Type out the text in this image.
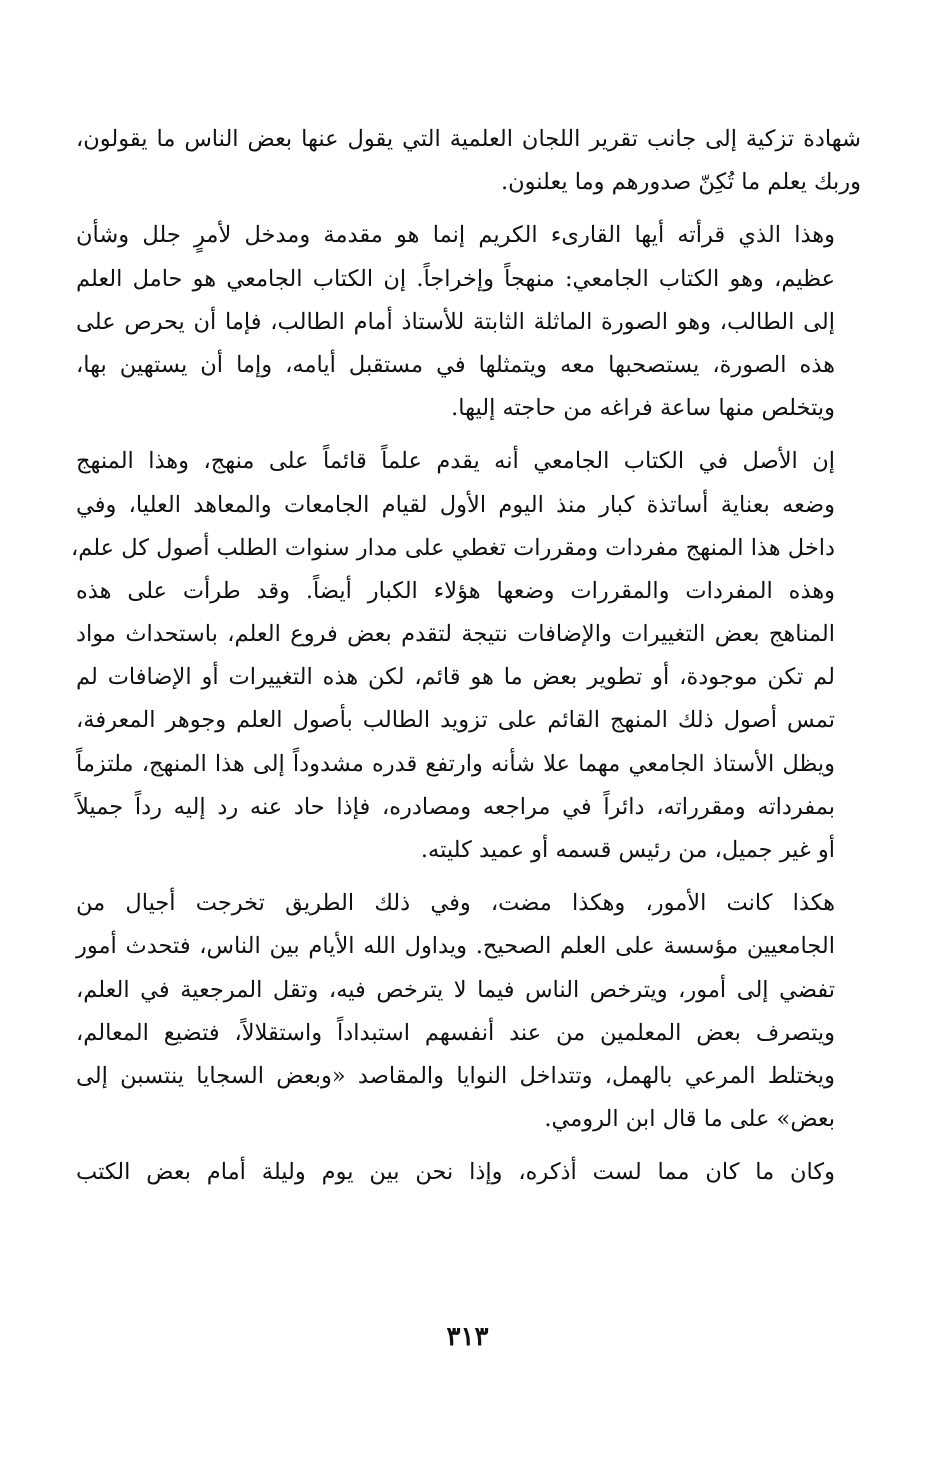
شهادة تزكية إلى جانب تقرير اللجان العلمية التي يقول عنها بعض الناس ما يقولون،
وربك يعلم ما تُكِنّ صدورهم وما يعلنون.

وهذا الذي قرأته أيها القارىء الكريم إنما هو مقدمة ومدخل لأمرٍ جلل وشأن
عظيم، وهو الكتاب الجامعي: منهجاً وإخراجاً. إن الكتاب الجامعي هو حامل العلم
إلى الطالب، وهو الصورة الماثلة الثابتة للأستاذ أمام الطالب، فإما أن يحرص على
هذه الصورة، يستصحبها معه ويتمثلها في مستقبل أيامه، وإما أن يستهين بها،
ويتخلص منها ساعة فراغه من حاجته إليها.

إن الأصل في الكتاب الجامعي أنه يقدم علماً قائماً على منهج، وهذا المنهج
وضعه بعناية أساتذة كبار منذ اليوم الأول لقيام الجامعات والمعاهد العليا، وفي
داخل هذا المنهج مفردات ومقررات تغطي على مدار سنوات الطلب أصول كل علم،
وهذه المفردات والمقررات وضعها هؤلاء الكبار أيضاً. وقد طرأت على هذه
المناهج بعض التغييرات والإضافات نتيجة لتقدم بعض فروع العلم، باستحداث مواد
لم تكن موجودة، أو تطوير بعض ما هو قائم، لكن هذه التغييرات أو الإضافات لم
تمس أصول ذلك المنهج القائم على تزويد الطالب بأصول العلم وجوهر المعرفة،
ويظل الأستاذ الجامعي مهما علا شأنه وارتفع قدره مشدوداً إلى هذا المنهج، ملتزماً
بمفرداته ومقرراته، دائراً في مراجعه ومصادره، فإذا حاد عنه رد إليه رداً جميلاً
أو غير جميل، من رئيس قسمه أو عميد كليته.

هكذا كانت الأمور، وهكذا مضت، وفي ذلك الطريق تخرجت أجيال من
الجامعيين مؤسسة على العلم الصحيح. ويداول الله الأيام بين الناس، فتحدث أمور
تفضي إلى أمور، ويترخص الناس فيما لا يترخص فيه، وتقل المرجعية في العلم،
ويتصرف بعض المعلمين من عند أنفسهم استبداداً واستقلالاً، فتضيع المعالم،
ويختلط المرعي بالهمل، وتتداخل النوايا والمقاصد «وبعض السجايا ينتسبن إلى
بعض» على ما قال ابن الرومي.

وكان ما كان مما لست أذكره، وإذا نحن بين يوم وليلة أمام بعض الكتب

٣١٣
